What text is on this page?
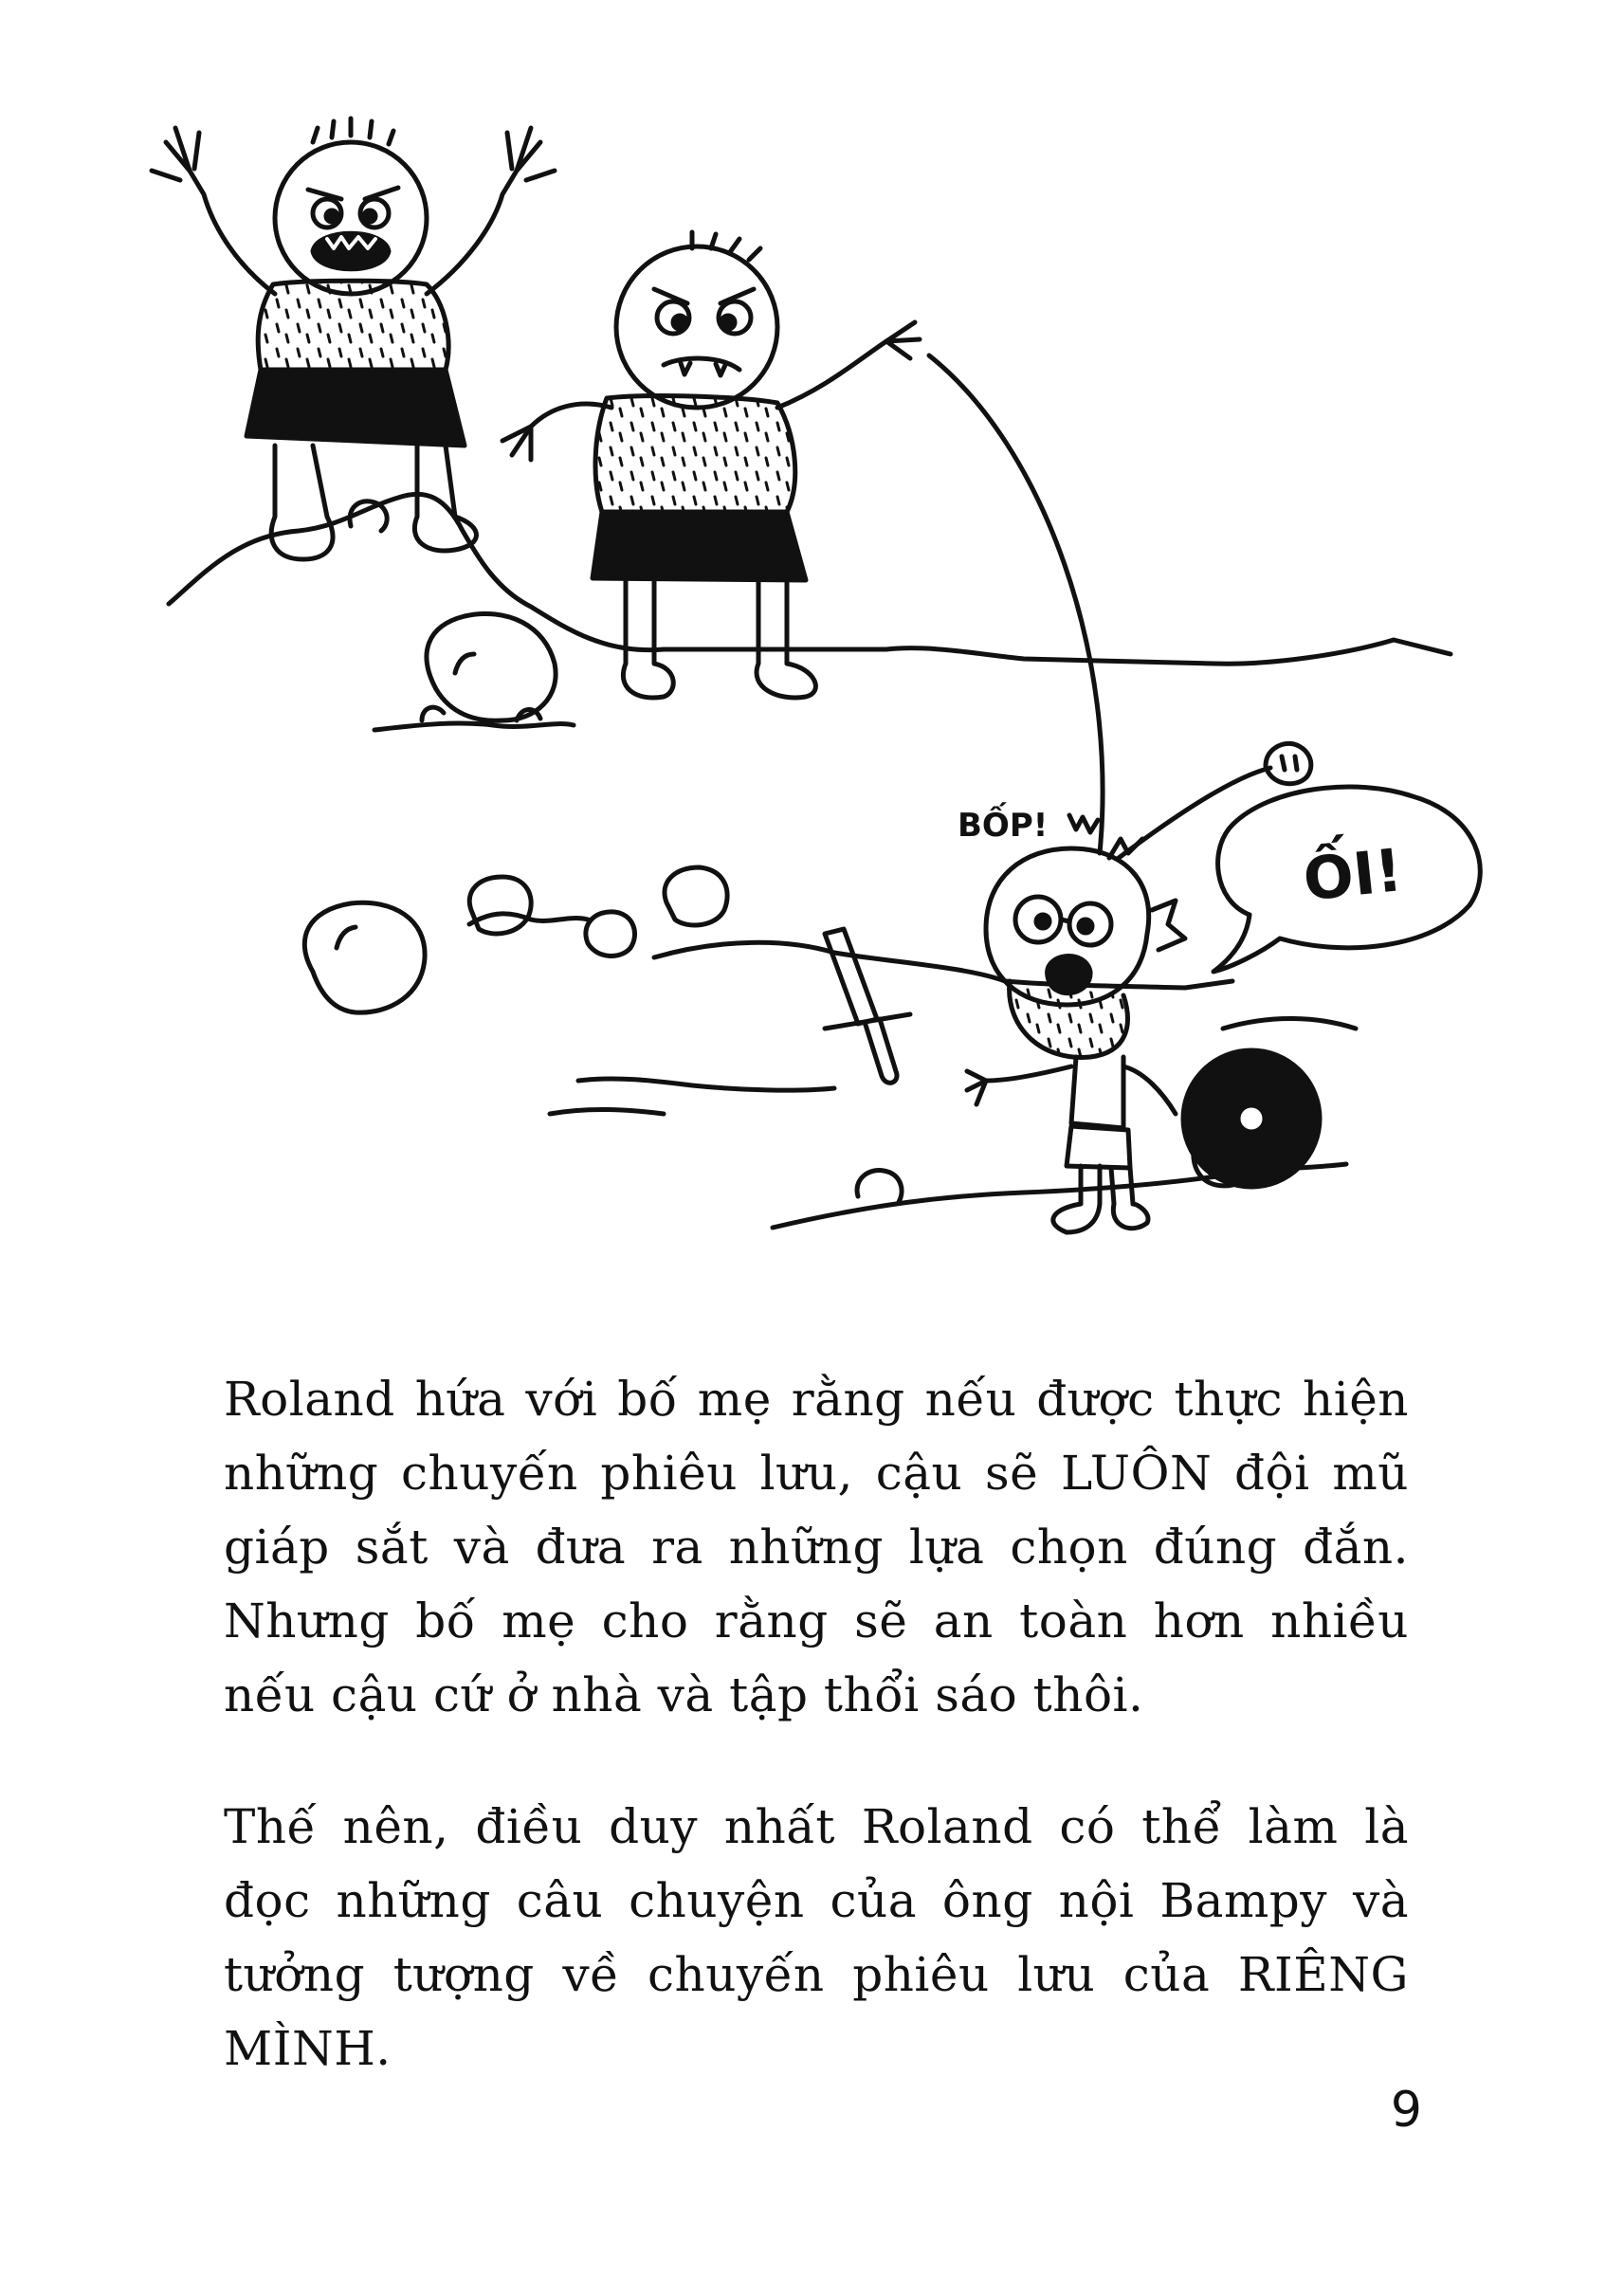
BỐP!
ỐI!

Roland hứa với bố mẹ rằng nếu được thực hiện những chuyến phiêu lưu, cậu sẽ LUÔN đội mũ giáp sắt và đưa ra những lựa chọn đúng đắn. Nhưng bố mẹ cho rằng sẽ an toàn hơn nhiều nếu cậu cứ ở nhà và tập thổi sáo thôi.

Thế nên, điều duy nhất Roland có thể làm là đọc những câu chuyện của ông nội Bampy và tưởng tượng về chuyến phiêu lưu của RIÊNG MÌNH.

9
